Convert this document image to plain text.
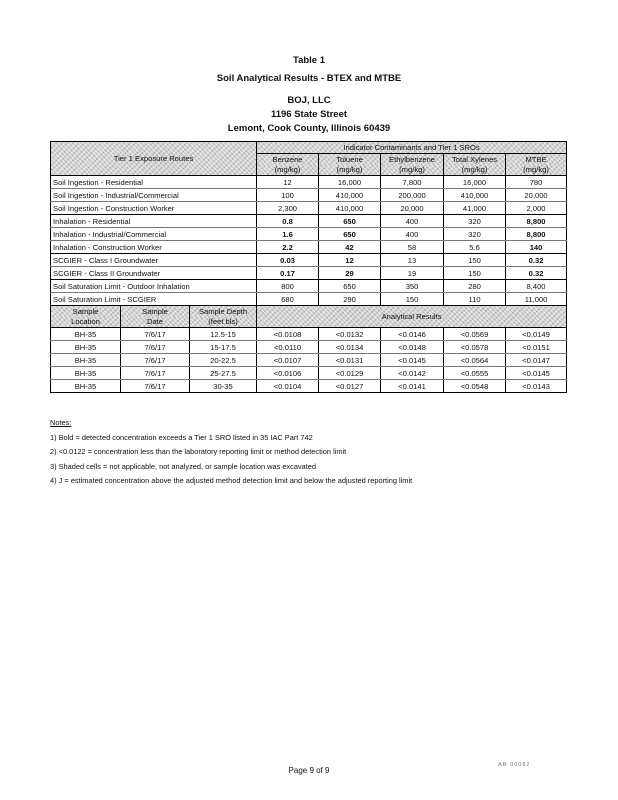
Table 1
Soil Analytical Results - BTEX and MTBE
BOJ, LLC
1196 State Street
Lemont, Cook County, Illinois 60439
Tier 1 Exposure Routes			Indicator Contaminants and Tier 1 SROs				
			Benzene	Toluene	Ethylbenzene	Total Xylenes	MTBE
			(mg/kg)	(mg/kg)	(mg/kg)	(mg/kg)	(mg/kg)
Soil Ingestion - Residential			12	16,000	7,800	16,000	780
Soil Ingestion - Industrial/Commercial			100	410,000	200,000	410,000	20,000
Soil Ingestion - Construction Worker			2,300	410,000	20,000	41,000	2,000
Inhalation - Residential			0.8	650	400	320	8,800
Inhalation - Industrial/Commercial			1.6	650	400	320	8,800
Inhalation - Construction Worker			2.2	42	58	5.6	140
SCGIER - Class I Groundwater			0.03	12	13	150	0.32
SCGIER - Class II Groundwater			0.17	29	19	150	0.32
Soil Saturation Limit - Outdoor Inhalation			800	650	350	280	8,400
Soil Saturation Limit - SCGIER			680	290	150	110	11,000
Sample	Sample	Sample Depth	Analytical Results				
Location	Date	(feet bls)					
BH-35	7/6/17	12.5-15	<0.0108	<0.0132	<0.0146	<0.0569	<0.0149
BH-35	7/6/17	15-17.5	<0.0110	<0.0134	<0.0148	<0.0578	<0.0151
BH-35	7/6/17	20-22.5	<0.0107	<0.0131	<0.0145	<0.0564	<0.0147
BH-35	7/6/17	25-27.5	<0.0106	<0.0129	<0.0142	<0.0555	<0.0145
BH-35	7/6/17	30-35	<0.0104	<0.0127	<0.0141	<0.0548	<0.0143
Notes:
1) Bold = detected concentration exceeds a Tier 1 SRO listed in 35 IAC Part 742
2) <0.0122 = concentration less than the laboratory reporting limit or method detection limit
3) Shaded cells = not applicable, not analyzed, or sample location was excavated
4) J = estimated concentration above the adjusted method detection limit and below the adjusted reporting limit
Page 9 of 9
AR 00082
